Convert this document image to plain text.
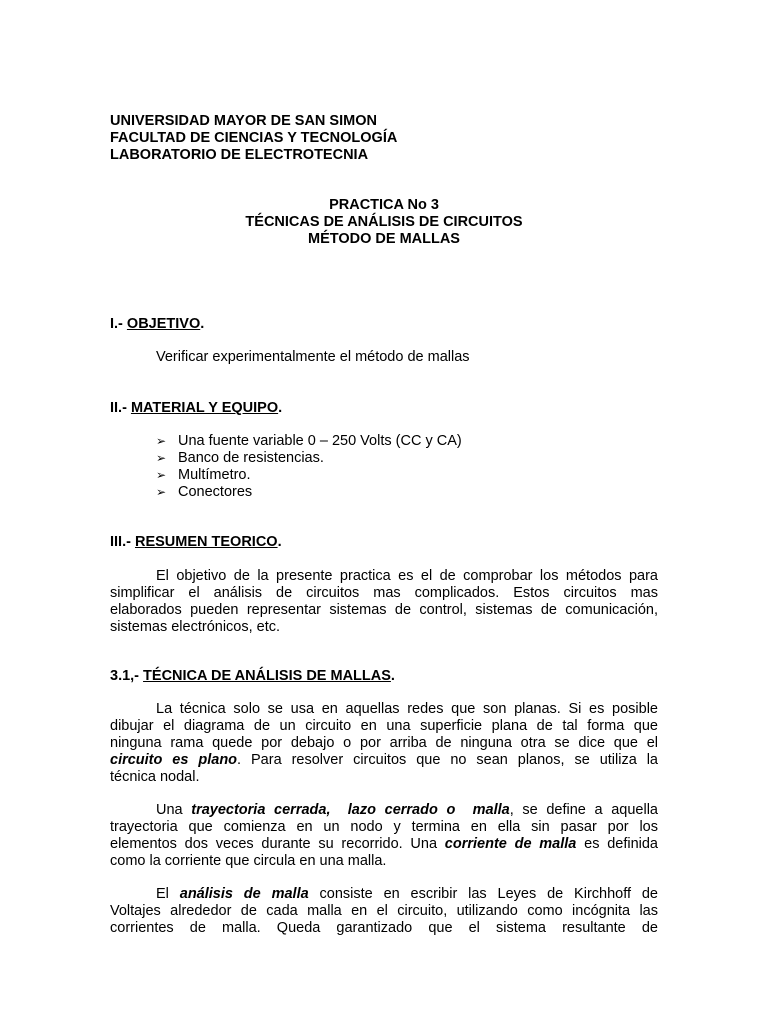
UNIVERSIDAD MAYOR DE SAN SIMON
FACULTAD DE CIENCIAS Y TECNOLOGÍA
LABORATORIO DE ELECTROTECNIA
PRACTICA No 3
TÉCNICAS DE ANÁLISIS DE CIRCUITOS
MÉTODO DE MALLAS
I.- OBJETIVO.
Verificar experimentalmente el método de mallas
II.- MATERIAL Y EQUIPO.
➢ Una fuente variable 0 – 250 Volts (CC y CA)
➢ Banco de resistencias.
➢ Multímetro.
➢ Conectores
III.- RESUMEN TEORICO.
El objetivo de la presente practica es el de comprobar los métodos para
simplificar el análisis de circuitos mas complicados. Estos circuitos mas
elaborados pueden representar sistemas de control, sistemas de comunicación,
sistemas electrónicos, etc.
3.1,- TÉCNICA DE ANÁLISIS DE MALLAS.
La técnica solo se usa en aquellas redes que son planas. Si es posible
dibujar el diagrama de un circuito en una superficie plana de tal forma que
ninguna rama quede por debajo o por arriba de ninguna otra se dice que el
circuito es plano. Para resolver circuitos que no sean planos, se utiliza la
técnica nodal.
Una trayectoria cerrada, lazo cerrado o malla, se define a aquella
trayectoria que comienza en un nodo y termina en ella sin pasar por los
elementos dos veces durante su recorrido. Una corriente de malla es definida
como la corriente que circula en una malla.
El análisis de malla consiste en escribir las Leyes de Kirchhoff de
Voltajes alrededor de cada malla en el circuito, utilizando como incógnita las
corrientes de malla. Queda garantizado que el sistema resultante de
